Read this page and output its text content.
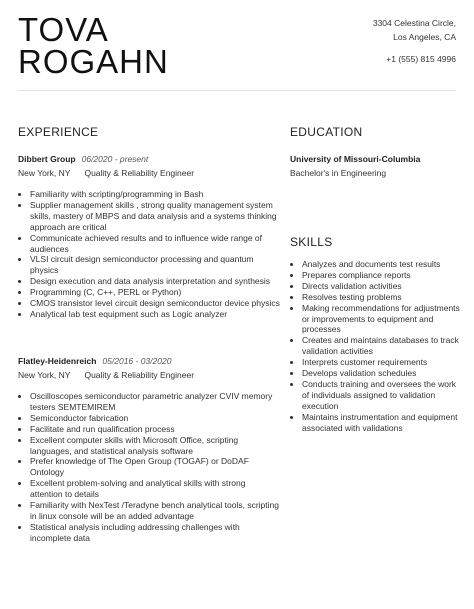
TOVA
ROGAHN
3304 Celestina Circle,
Los Angeles, CA
+1 (555) 815 4996
EXPERIENCE	EDUCATION
SKILLS
Dibbert Group 06/2020 - present
New York, NY Quality & Reliability Engineer
• Familiarity with scripting/programming in Bash
• Supplier management skills , strong quality management system skills, mastery of MBPS and data analysis and a systems thinking approach are critical
• Communicate achieved results and to influence wide range of audiences
• VLSI circuit design semiconductor processing and quantum physics
• Design execution and data analysis interpretation and synthesis
• Programming (C, C++, PERL or Python)
• CMOS transistor level circuit design semiconductor device physics
• Analytical lab test equipment such as Logic analyzer
Flatley-Heidenreich 05/2016 - 03/2020
New York, NY Quality & Reliability Engineer
• Oscilloscopes semiconductor parametric analyzer CVIV memory testers SEMTEMIREM
• Semiconductor fabrication
• Facilitate and run qualification process
• Excellent computer skills with Microsoft Office, scripting languages, and statistical analysis software
• Prefer knowledge of The Open Group (TOGAF) or DoDAF Ontology
• Excellent problem-solving and analytical skills with strong attention to details
• Familiarity with NexTest /Teradyne bench analytical tools, scripting in linux console will be an added advantage
• Statistical analysis including addressing challenges with incomplete data
University of Missouri-Columbia
Bachelor's in Engineering
• Analyzes and documents test results
• Prepares compliance reports
• Directs validation activities
• Resolves testing problems
• Making recommendations for adjustments or improvements to equipment and processes
• Creates and maintains databases to track validation activities
• Interprets customer requirements
• Develops validation schedules
• Conducts training and oversees the work of individuals assigned to validation execution
• Maintains instrumentation and equipment associated with validations
